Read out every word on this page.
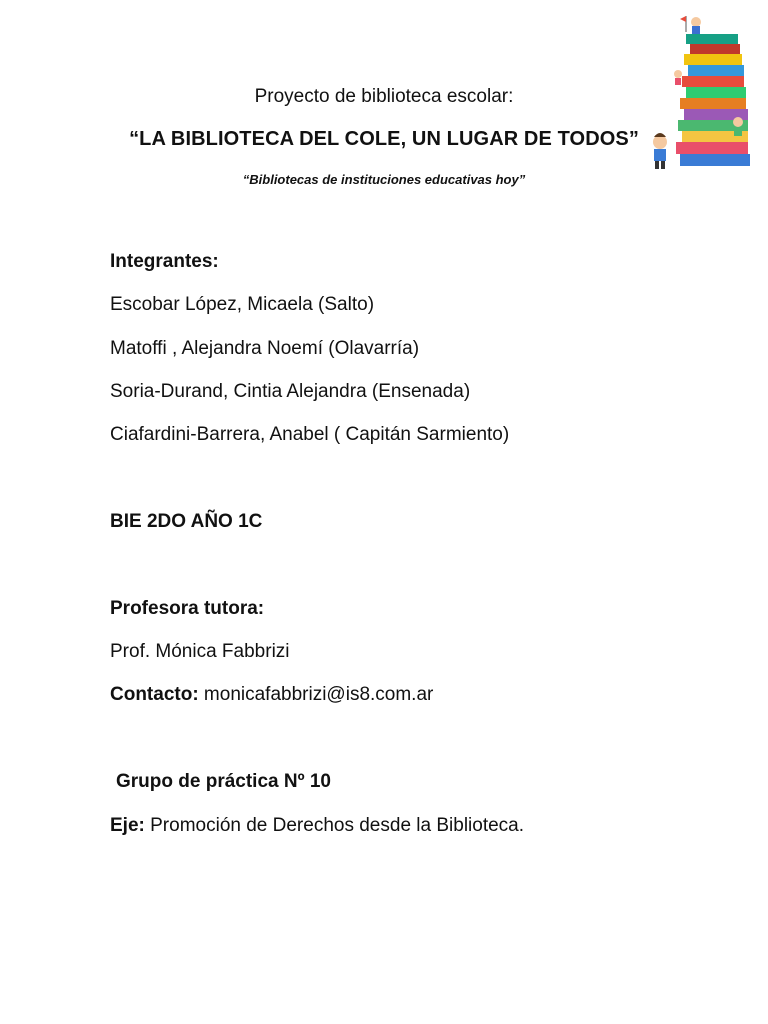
Proyecto de biblioteca escolar:
“LA BIBLIOTECA DEL COLE, UN LUGAR DE TODOS”
“Bibliotecas de instituciones educativas hoy”
Integrantes:
Escobar López, Micaela (Salto)
Matoffi , Alejandra Noemí (Olavarría)
Soria-Durand, Cintia Alejandra (Ensenada)
Ciafardini-Barrera, Anabel ( Capitán Sarmiento)
BIE 2DO AÑO 1C
Profesora tutora:
Prof. Mónica Fabbrizi
Contacto: monicafabbrizi@is8.com.ar
Grupo de práctica Nº 10
Eje: Promoción de Derechos desde la Biblioteca.
